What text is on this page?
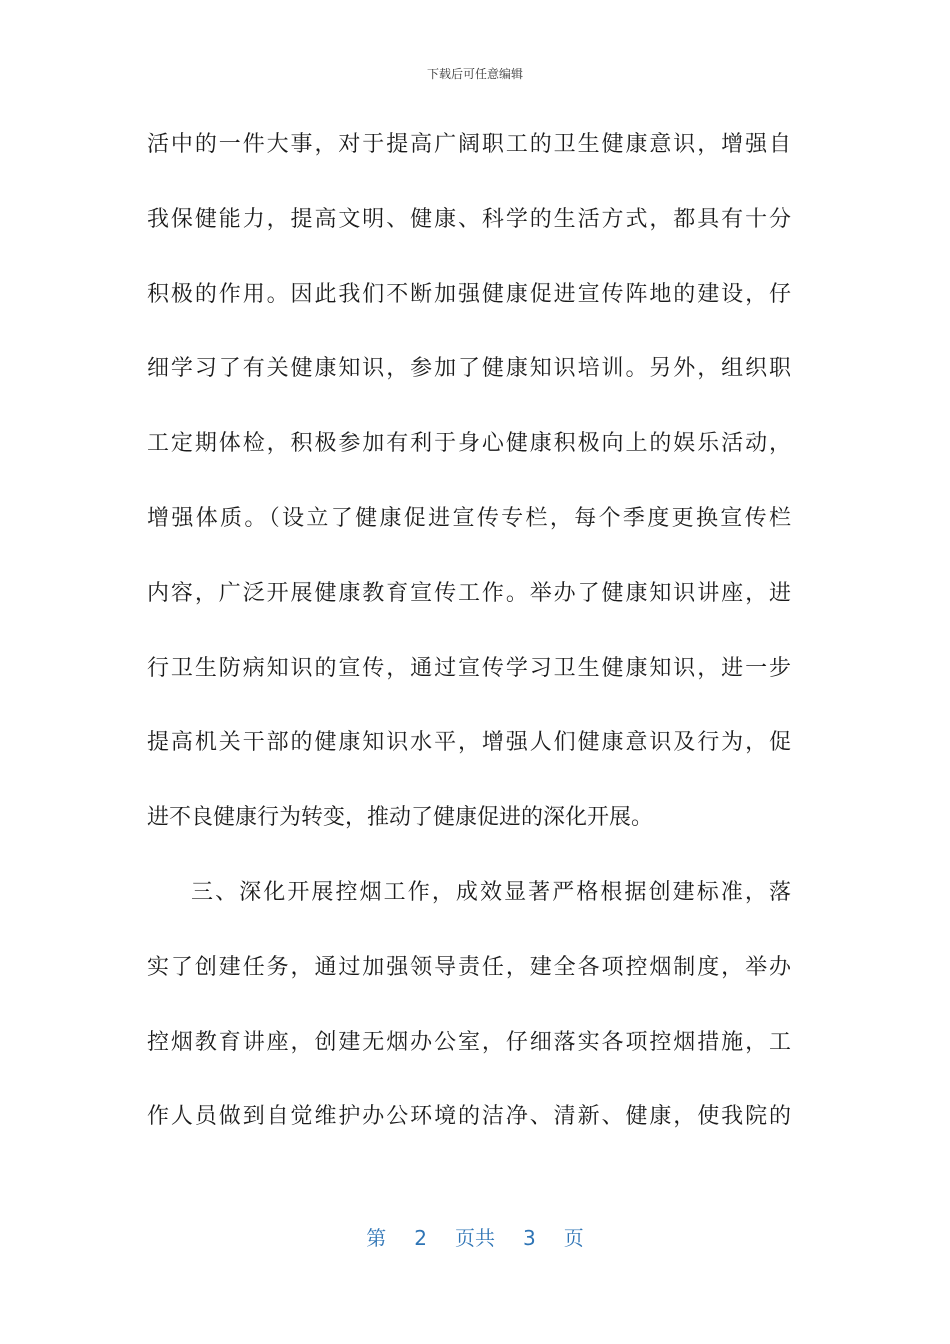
下载后可任意编辑
活中的一件大事，对于提高广阔职工的卫生健康意识，增强自
我保健能力，提高文明、健康、科学的生活方式，都具有十分
积极的作用。因此我们不断加强健康促进宣传阵地的建设，仔
细学习了有关健康知识，参加了健康知识培训。另外，组织职
工定期体检，积极参加有利于身心健康积极向上的娱乐活动，
增强体质。（设立了健康促进宣传专栏，每个季度更换宣传栏
内容，广泛开展健康教育宣传工作。举办了健康知识讲座，进
行卫生防病知识的宣传，通过宣传学习卫生健康知识，进一步
提高机关干部的健康知识水平，增强人们健康意识及行为，促
进不良健康行为转变，推动了健康促进的深化开展。
三、深化开展控烟工作，成效显著严格根据创建标准，落
实了创建任务，通过加强领导责任，建全各项控烟制度，举办
控烟教育讲座，创建无烟办公室，仔细落实各项控烟措施，工
作人员做到自觉维护办公环境的洁净、清新、健康，使我院的
第 2 页共 3 页
